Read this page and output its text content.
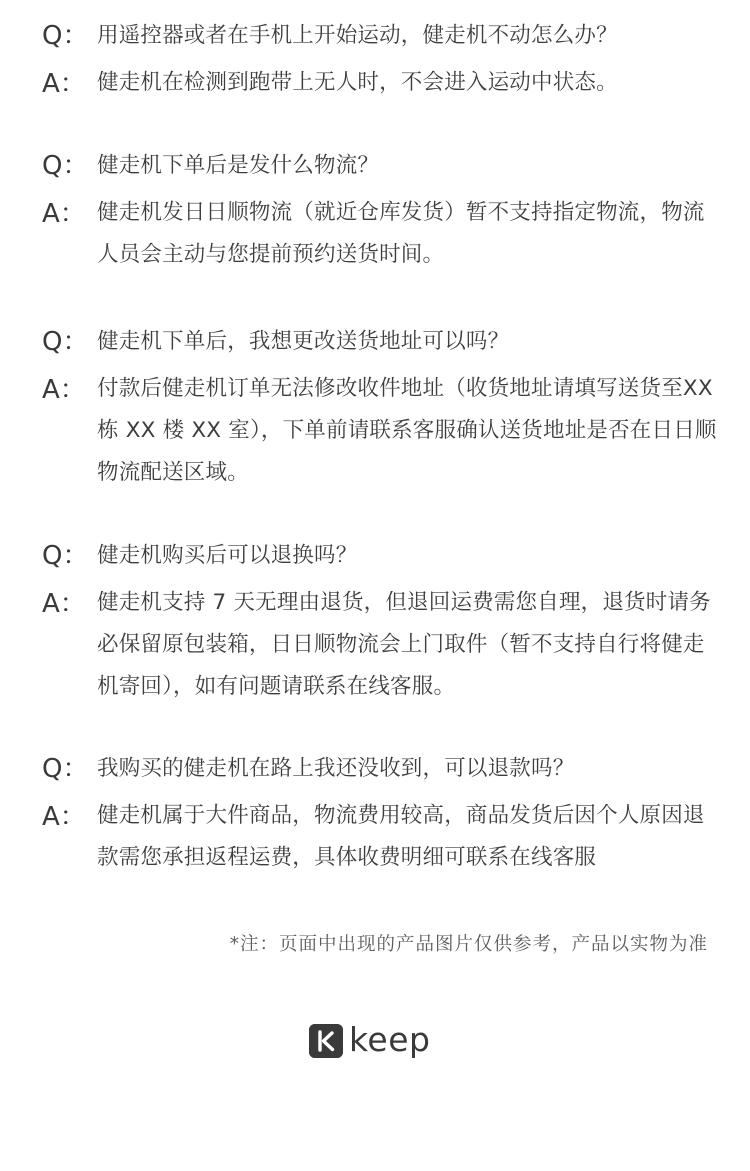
Q： 用遥控器或者在手机上开始运动，健走机不动怎么办？
A： 健走机在检测到跑带上无人时，不会进入运动中状态。
Q： 健走机下单后是发什么物流？
A： 健走机发日日顺物流（就近仓库发货）暂不支持指定物流，物流人员会主动与您提前预约送货时间。
Q： 健走机下单后，我想更改送货地址可以吗？
A： 付款后健走机订单无法修改收件地址（收货地址请填写送货至XX 栋 XX 楼 XX 室），下单前请联系客服确认送货地址是否在日日顺物流配送区域。
Q： 健走机购买后可以退换吗？
A： 健走机支持 7 天无理由退货，但退回运费需您自理，退货时请务必保留原包装箱，日日顺物流会上门取件（暂不支持自行将健走机寄回），如有问题请联系在线客服。
Q： 我购买的健走机在路上我还没收到，可以退款吗？
A： 健走机属于大件商品，物流费用较高，商品发货后因个人原因退款需您承担返程运费，具体收费明细可联系在线客服
*注：页面中出现的产品图片仅供参考，产品以实物为准
keep
